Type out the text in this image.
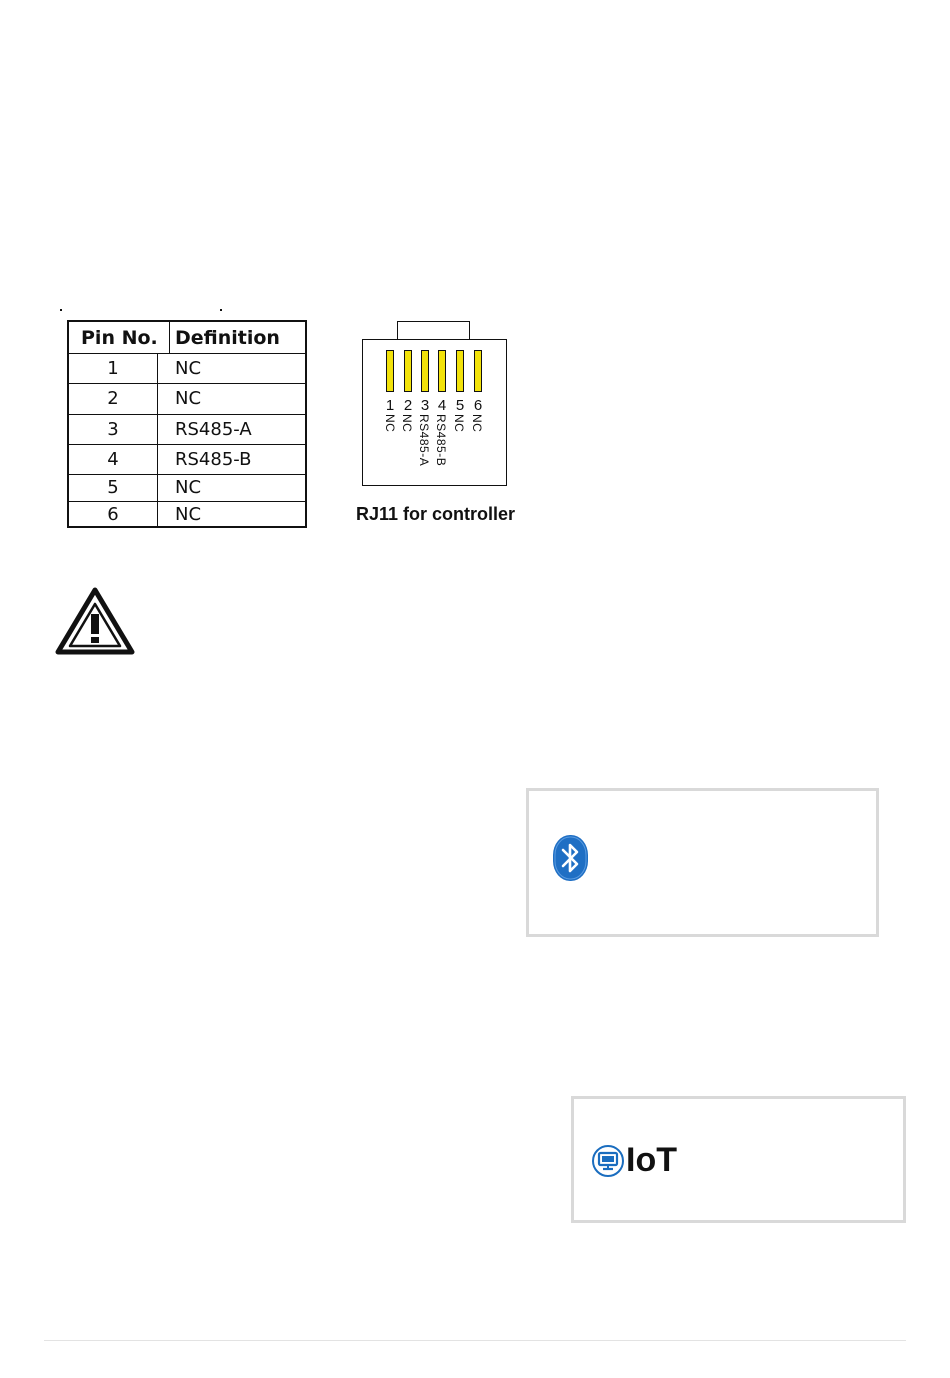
Pin No. Definition
1	NC
2	NC
3	RS485-A
4	RS485-B
5	NC
6	NC
1 2 3 4 5 6
NC NC RS485-A RS485-B NC NC
RJ11 for controller
IoT
